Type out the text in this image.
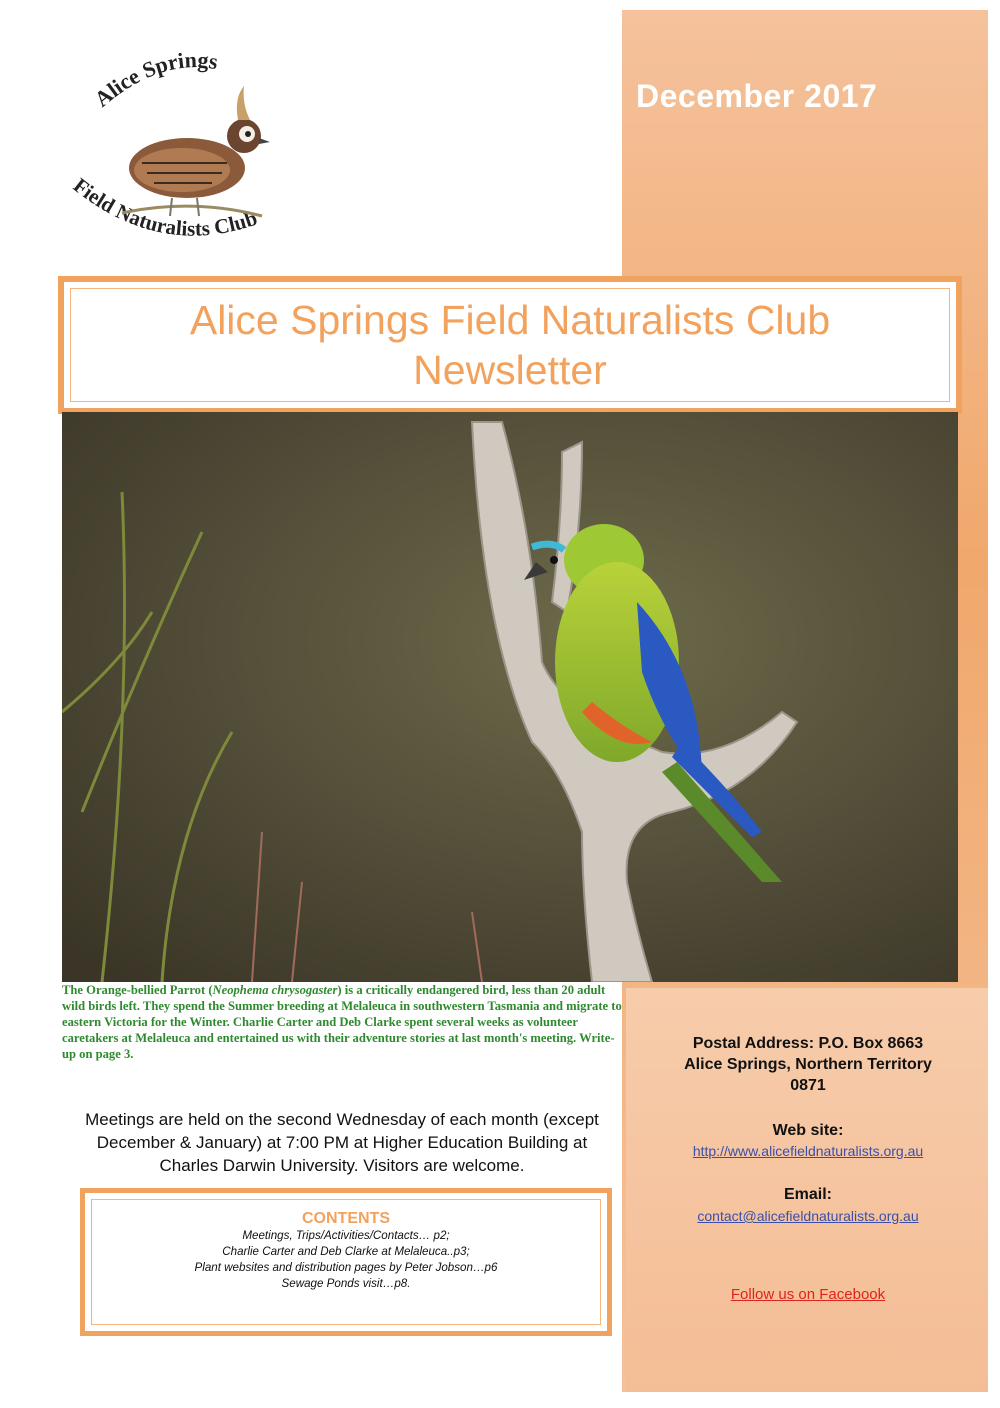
December 2017
Alice Springs
Field Naturalists Club
Alice Springs Field Naturalists Club
Newsletter
The Orange-bellied Parrot (Neophema chrysogaster) is a critically endangered bird, less than 20 adult wild birds left. They spend the Summer breeding at Melaleuca in southwestern Tasmania and migrate to eastern Victoria for the Winter. Charlie Carter and Deb Clarke spent several weeks as volunteer caretakers at Melaleuca and entertained us with their adventure stories at last month's meeting. Write-up on page 3.
Meetings are held on the second Wednesday of each month (except December & January) at 7:00 PM at Higher Education Building at Charles Darwin University. Visitors are welcome.
CONTENTS
Meetings, Trips/Activities/Contacts… p2;
Charlie Carter and Deb Clarke at Melaleuca..p3;
Plant websites and distribution pages by Peter Jobson…p6
Sewage Ponds visit…p8.
Postal Address: P.O. Box 8663
Alice Springs, Northern Territory
0871
Web site:
http://www.alicefieldnaturalists.org.au
Email:
contact@alicefieldnaturalists.org.au
Follow us on Facebook
